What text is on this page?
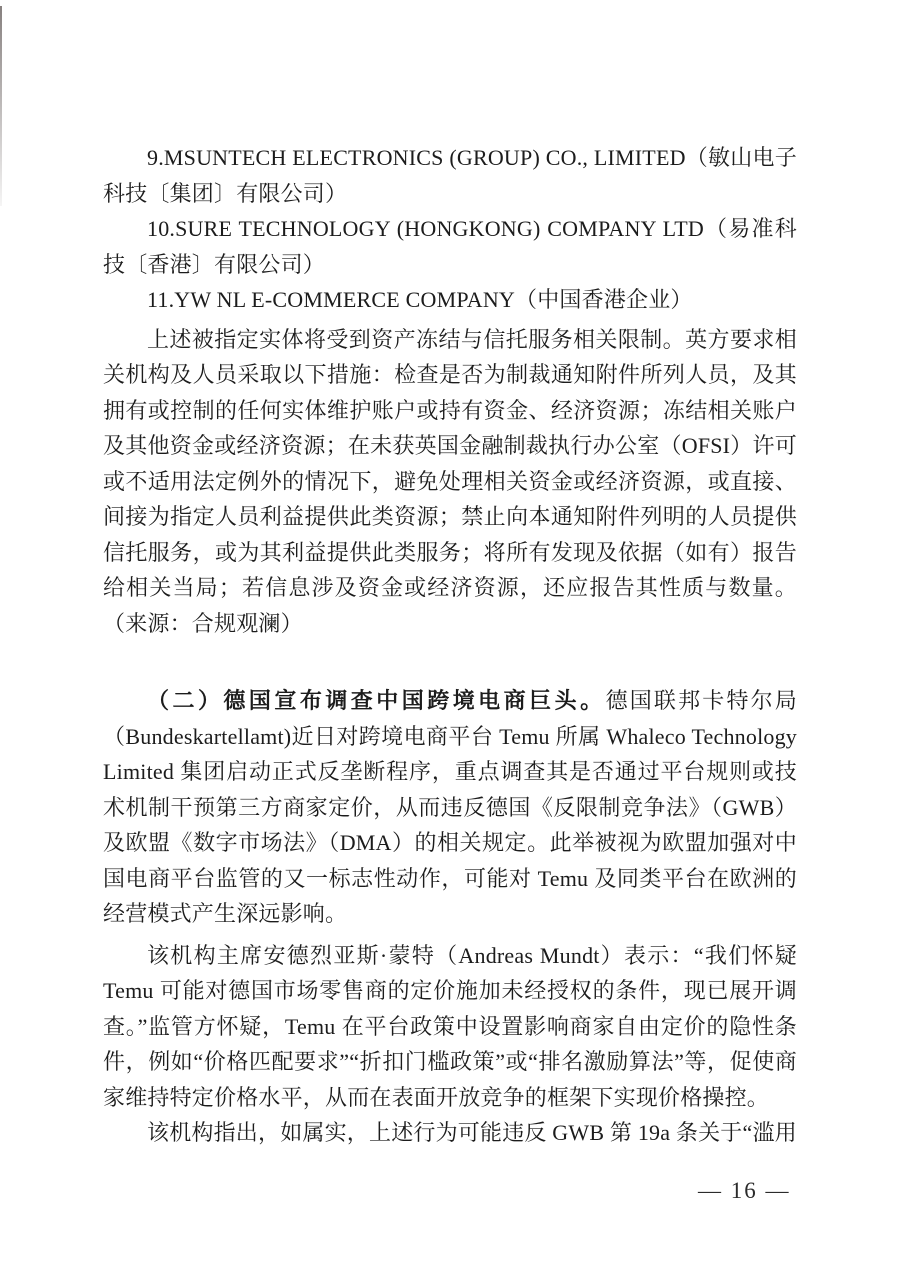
9.MSUNTECH ELECTRONICS (GROUP) CO., LIMITED（敏山电子科技〔集团〕有限公司）

10.SURE TECHNOLOGY (HONGKONG) COMPANY LTD（易准科技〔香港〕有限公司）

11.YW NL E-COMMERCE COMPANY（中国香港企业）

上述被指定实体将受到资产冻结与信托服务相关限制。英方要求相关机构及人员采取以下措施：检查是否为制裁通知附件所列人员，及其拥有或控制的任何实体维护账户或持有资金、经济资源；冻结相关账户及其他资金或经济资源；在未获英国金融制裁执行办公室（OFSI）许可或不适用法定例外的情况下，避免处理相关资金或经济资源，或直接、间接为指定人员利益提供此类资源；禁止向本通知附件列明的人员提供信托服务，或为其利益提供此类服务；将所有发现及依据（如有）报告给相关当局；若信息涉及资金或经济资源，还应报告其性质与数量。（来源：合规观澜）

（二）德国宣布调查中国跨境电商巨头。德国联邦卡特尔局（Bundeskartellamt)近日对跨境电商平台 Temu 所属 Whaleco Technology Limited 集团启动正式反垄断程序，重点调查其是否通过平台规则或技术机制干预第三方商家定价，从而违反德国《反限制竞争法》（GWB）及欧盟《数字市场法》（DMA）的相关规定。此举被视为欧盟加强对中国电商平台监管的又一标志性动作，可能对 Temu 及同类平台在欧洲的经营模式产生深远影响。

该机构主席安德烈亚斯·蒙特（Andreas Mundt）表示：“我们怀疑 Temu 可能对德国市场零售商的定价施加未经授权的条件，现已展开调查。”监管方怀疑，Temu 在平台政策中设置影响商家自由定价的隐性条件，例如“价格匹配要求”“折扣门槛政策”或“排名激励算法”等，促使商家维持特定价格水平，从而在表面开放竞争的框架下实现价格操控。

该机构指出，如属实，上述行为可能违反 GWB 第 19a 条关于“滥用

— 16 —
